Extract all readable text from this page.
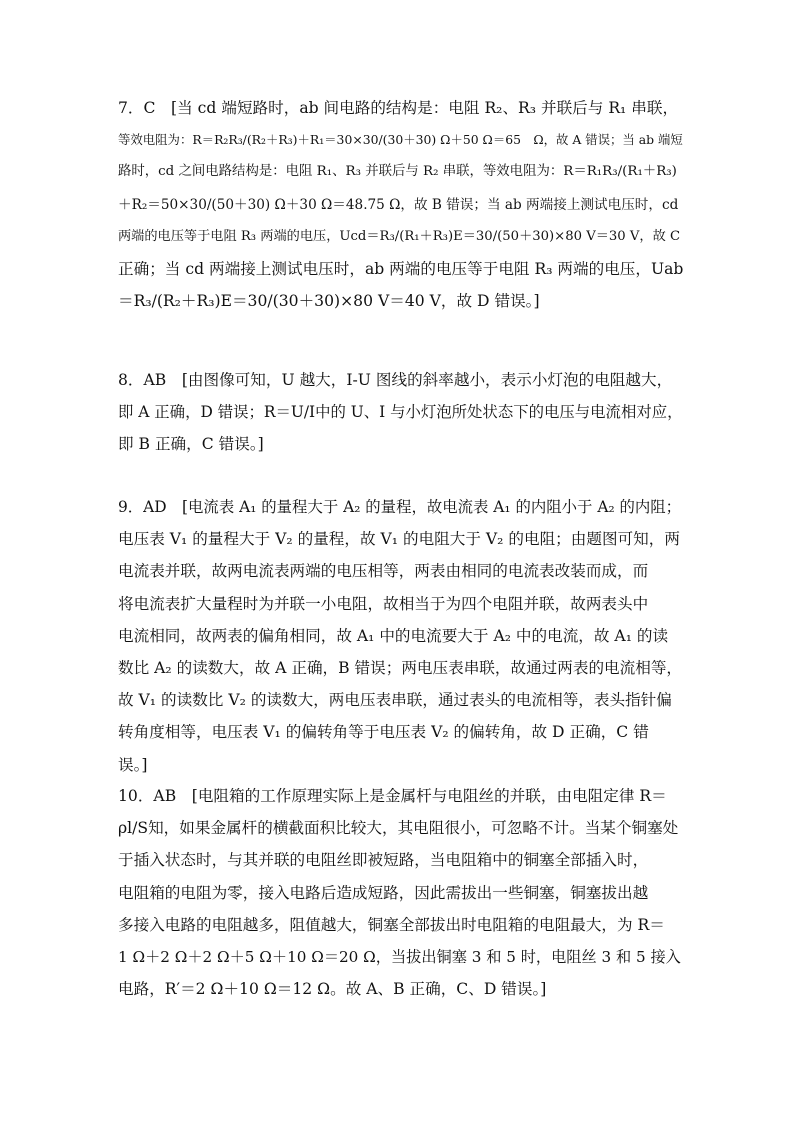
7．C　[当 cd 端短路时，ab 间电路的结构是：电阻 R₂、R₃ 并联后与 R₁ 串联，
等效电阻为：R＝R₂R₃/(R₂＋R₃)＋R₁＝30×30/(30＋30) Ω＋50 Ω＝65　Ω，故 A 错误；当 ab 端短
路时，cd 之间电路结构是：电阻 R₁、R₃ 并联后与 R₂ 串联，等效电阻为：R＝R₁R₃/(R₁＋R₃)
＋R₂＝50×30/(50＋30) Ω＋30 Ω＝48.75 Ω，故 B 错误；当 ab 两端接上测试电压时，cd
两端的电压等于电阻 R₃ 两端的电压，Ucd＝R₃/(R₁＋R₃)E＝30/(50＋30)×80 V＝30 V，故 C
正确；当 cd 两端接上测试电压时，ab 两端的电压等于电阻 R₃ 两端的电压，Uab
＝R₃/(R₂＋R₃)E＝30/(30＋30)×80 V＝40 V，故 D 错误。]
8．AB　[由图像可知，U 越大，I-U 图线的斜率越小，表示小灯泡的电阻越大，
即 A 正确，D 错误；R＝U/I中的 U、I 与小灯泡所处状态下的电压与电流相对应，
即 B 正确，C 错误。]
9．AD　[电流表 A₁ 的量程大于 A₂ 的量程，故电流表 A₁ 的内阻小于 A₂ 的内阻；
电压表 V₁ 的量程大于 V₂ 的量程，故 V₁ 的电阻大于 V₂ 的电阻；由题图可知，两
电流表并联，故两电流表两端的电压相等，两表由相同的电流表改装而成，而
将电流表扩大量程时为并联一小电阻，故相当于为四个电阻并联，故两表头中
电流相同，故两表的偏角相同，故 A₁ 中的电流要大于 A₂ 中的电流，故 A₁ 的读
数比 A₂ 的读数大，故 A 正确，B 错误；两电压表串联，故通过两表的电流相等，
故 V₁ 的读数比 V₂ 的读数大，两电压表串联，通过表头的电流相等，表头指针偏
转角度相等，电压表 V₁ 的偏转角等于电压表 V₂ 的偏转角，故 D 正确，C 错
误。]
10．AB　[电阻箱的工作原理实际上是金属杆与电阻丝的并联，由电阻定律 R＝
ρl/S知，如果金属杆的横截面积比较大，其电阻很小，可忽略不计。当某个铜塞处
于插入状态时，与其并联的电阻丝即被短路，当电阻箱中的铜塞全部插入时，
电阻箱的电阻为零，接入电路后造成短路，因此需拔出一些铜塞，铜塞拔出越
多接入电路的电阻越多，阻值越大，铜塞全部拔出时电阻箱的电阻最大，为 R＝
1 Ω＋2 Ω＋2 Ω＋5 Ω＋10 Ω＝20 Ω，当拔出铜塞 3 和 5 时，电阻丝 3 和 5 接入
电路，R′＝2 Ω＋10 Ω＝12 Ω。故 A、B 正确，C、D 错误。]
